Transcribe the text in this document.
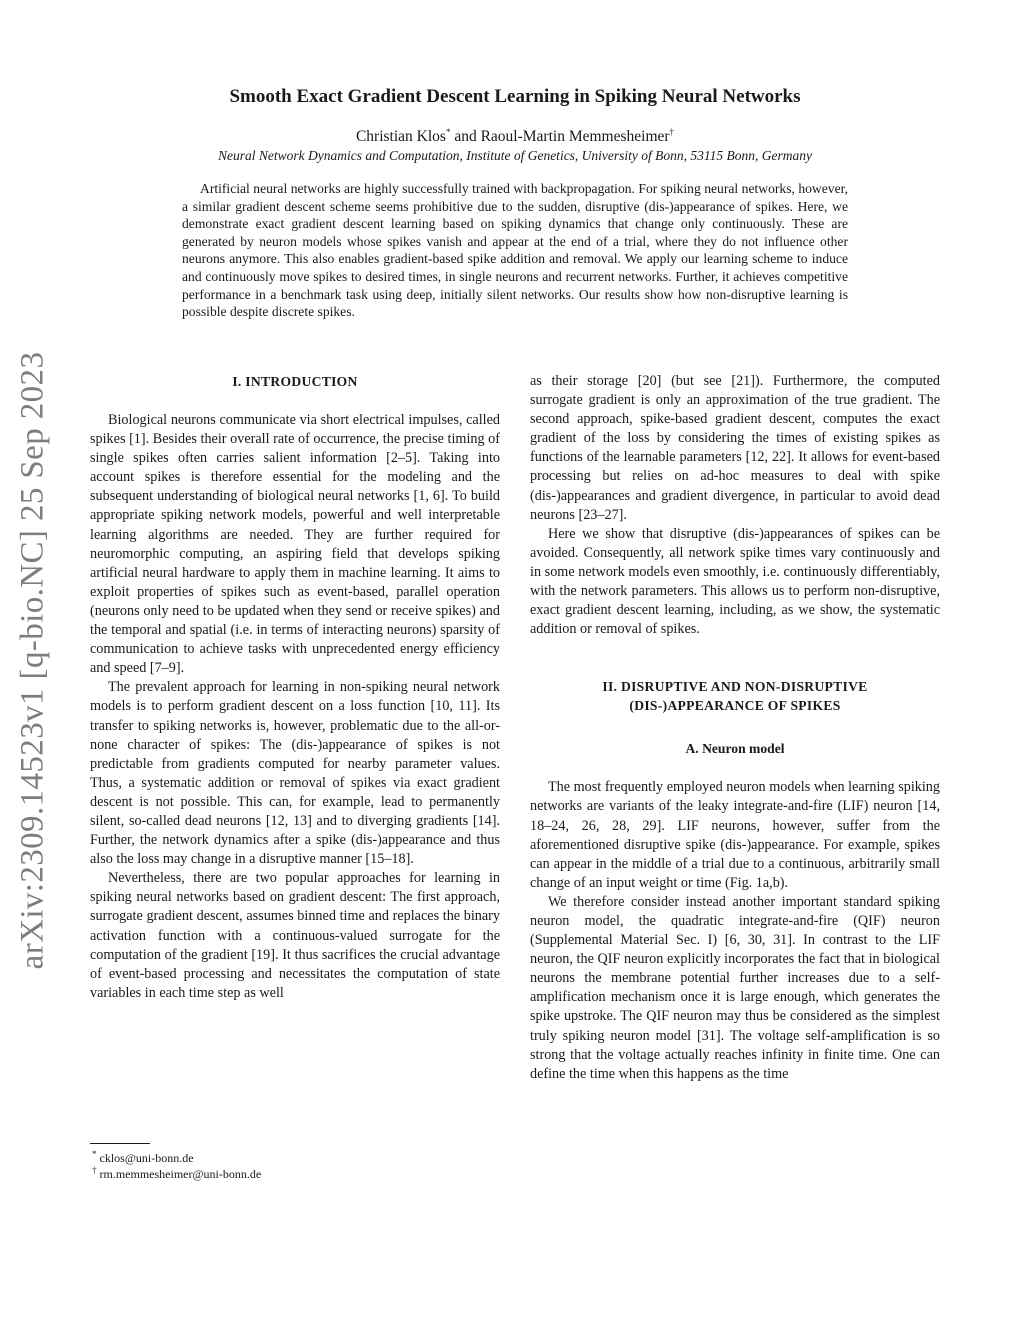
arXiv:2309.14523v1 [q-bio.NC] 25 Sep 2023
Smooth Exact Gradient Descent Learning in Spiking Neural Networks
Christian Klos* and Raoul-Martin Memmesheimer†
Neural Network Dynamics and Computation, Institute of Genetics, University of Bonn, 53115 Bonn, Germany

Artificial neural networks are highly successfully trained with backpropagation. For spiking neural networks, however, a similar gradient descent scheme seems prohibitive due to the sudden, disruptive (dis-)appearance of spikes. Here, we demonstrate exact gradient descent learning based on spiking dynamics that change only continuously. These are generated by neuron models whose spikes vanish and appear at the end of a trial, where they do not influence other neurons anymore. This also enables gradient-based spike addition and removal. We apply our learning scheme to induce and continuously move spikes to desired times, in single neurons and recurrent networks. Further, it achieves competitive performance in a benchmark task using deep, initially silent networks. Our results show how non-disruptive learning is possible despite discrete spikes.

I. INTRODUCTION

Biological neurons communicate via short electrical impulses, called spikes [1]. Besides their overall rate of occurrence, the precise timing of single spikes often carries salient information [2–5]. Taking into account spikes is therefore essential for the modeling and the subsequent understanding of biological neural networks [1, 6]. To build appropriate spiking network models, powerful and well interpretable learning algorithms are needed. They are further required for neuromorphic computing, an aspiring field that develops spiking artificial neural hardware to apply them in machine learning. It aims to exploit properties of spikes such as event-based, parallel operation (neurons only need to be updated when they send or receive spikes) and the temporal and spatial (i.e. in terms of interacting neurons) sparsity of communication to achieve tasks with unprecedented energy efficiency and speed [7–9].

The prevalent approach for learning in non-spiking neural network models is to perform gradient descent on a loss function [10, 11]. Its transfer to spiking networks is, however, problematic due to the all-or-none character of spikes: The (dis-)appearance of spikes is not predictable from gradients computed for nearby parameter values. Thus, a systematic addition or removal of spikes via exact gradient descent is not possible. This can, for example, lead to permanently silent, so-called dead neurons [12, 13] and to diverging gradients [14]. Further, the network dynamics after a spike (dis-)appearance and thus also the loss may change in a disruptive manner [15–18].

Nevertheless, there are two popular approaches for learning in spiking neural networks based on gradient descent: The first approach, surrogate gradient descent, assumes binned time and replaces the binary activation function with a continuous-valued surrogate for the computation of the gradient [19]. It thus sacrifices the crucial advantage of event-based processing and necessitates the computation of state variables in each time step as well

as their storage [20] (but see [21]). Furthermore, the computed surrogate gradient is only an approximation of the true gradient. The second approach, spike-based gradient descent, computes the exact gradient of the loss by considering the times of existing spikes as functions of the learnable parameters [12, 22]. It allows for event-based processing but relies on ad-hoc measures to deal with spike (dis-)appearances and gradient divergence, in particular to avoid dead neurons [23–27].

Here we show that disruptive (dis-)appearances of spikes can be avoided. Consequently, all network spike times vary continuously and in some network models even smoothly, i.e. continuously differentiably, with the network parameters. This allows us to perform non-disruptive, exact gradient descent learning, including, as we show, the systematic addition or removal of spikes.

II. DISRUPTIVE AND NON-DISRUPTIVE
(DIS-)APPEARANCE OF SPIKES
A. Neuron model

The most frequently employed neuron models when learning spiking networks are variants of the leaky integrate-and-fire (LIF) neuron [14, 18–24, 26, 28, 29]. LIF neurons, however, suffer from the aforementioned disruptive spike (dis-)appearance. For example, spikes can appear in the middle of a trial due to a continuous, arbitrarily small change of an input weight or time (Fig. 1a,b).

We therefore consider instead another important standard spiking neuron model, the quadratic integrate-and-fire (QIF) neuron (Supplemental Material Sec. I) [6, 30, 31]. In contrast to the LIF neuron, the QIF neuron explicitly incorporates the fact that in biological neurons the membrane potential further increases due to a self-amplification mechanism once it is large enough, which generates the spike upstroke. The QIF neuron may thus be considered as the simplest truly spiking neuron model [31]. The voltage self-amplification is so strong that the voltage actually reaches infinity in finite time. One can define the time when this happens as the time

* cklos@uni-bonn.de
† rm.memmesheimer@uni-bonn.de
